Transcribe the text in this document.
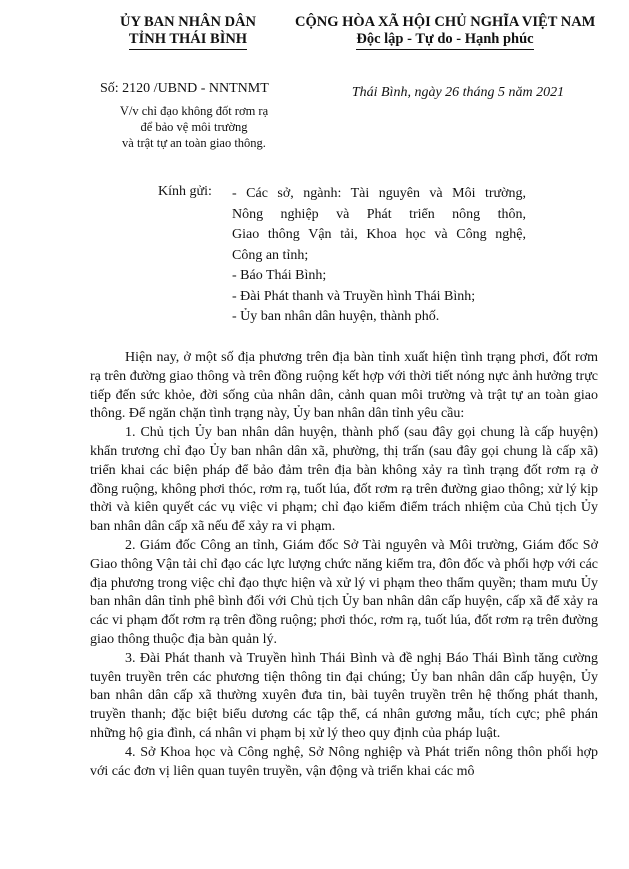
ỦY BAN NHÂN DÂN
TỈNH THÁI BÌNH
CỘNG HÒA XÃ HỘI CHỦ NGHĨA VIỆT NAM
Độc lập - Tự do - Hạnh phúc
Số: 2120 /UBND - NNTNMT
V/v chỉ đạo không đốt rơm rạ
để bảo vệ môi trường
và trật tự an toàn giao thông.
Thái Bình, ngày 26 tháng 5 năm 2021
Kính gửi: - Các sở, ngành: Tài nguyên và Môi trường,
Nông nghiệp và Phát triển nông thôn,
Giao thông Vận tải, Khoa học và Công nghệ,
Công an tỉnh;
- Báo Thái Bình;
- Đài Phát thanh và Truyền hình Thái Bình;
- Ủy ban nhân dân huyện, thành phố.

Hiện nay, ở một số địa phương trên địa bàn tỉnh xuất hiện tình trạng phơi, đốt rơm rạ trên đường giao thông và trên đồng ruộng kết hợp với thời tiết nóng nực ảnh hưởng trực tiếp đến sức khỏe, đời sống của nhân dân, cảnh quan môi trường và trật tự an toàn giao thông. Để ngăn chặn tình trạng này, Ủy ban nhân dân tỉnh yêu cầu:

1. Chủ tịch Ủy ban nhân dân huyện, thành phố (sau đây gọi chung là cấp huyện) khẩn trương chỉ đạo Ủy ban nhân dân xã, phường, thị trấn (sau đây gọi chung là cấp xã) triển khai các biện pháp để bảo đảm trên địa bàn không xảy ra tình trạng đốt rơm rạ ở đồng ruộng, không phơi thóc, rơm rạ, tuốt lúa, đốt rơm rạ trên đường giao thông; xử lý kịp thời và kiên quyết các vụ việc vi phạm; chỉ đạo kiểm điểm trách nhiệm của Chủ tịch Ủy ban nhân dân cấp xã nếu để xảy ra vi phạm.

2. Giám đốc Công an tỉnh, Giám đốc Sở Tài nguyên và Môi trường, Giám đốc Sở Giao thông Vận tải chỉ đạo các lực lượng chức năng kiểm tra, đôn đốc và phối hợp với các địa phương trong việc chỉ đạo thực hiện và xử lý vi phạm theo thẩm quyền; tham mưu Ủy ban nhân dân tỉnh phê bình đối với Chủ tịch Ủy ban nhân dân cấp huyện, cấp xã để xảy ra các vi phạm đốt rơm rạ trên đồng ruộng; phơi thóc, rơm rạ, tuốt lúa, đốt rơm rạ trên đường giao thông thuộc địa bàn quản lý.

3. Đài Phát thanh và Truyền hình Thái Bình và đề nghị Báo Thái Bình tăng cường tuyên truyền trên các phương tiện thông tin đại chúng; Ủy ban nhân dân cấp huyện, Ủy ban nhân dân cấp xã thường xuyên đưa tin, bài tuyên truyền trên hệ thống phát thanh, truyền thanh; đặc biệt biểu dương các tập thể, cá nhân gương mẫu, tích cực; phê phán những hộ gia đình, cá nhân vi phạm bị xử lý theo quy định của pháp luật.

4. Sở Khoa học và Công nghệ, Sở Nông nghiệp và Phát triển nông thôn phối hợp với các đơn vị liên quan tuyên truyền, vận động và triển khai các mô
